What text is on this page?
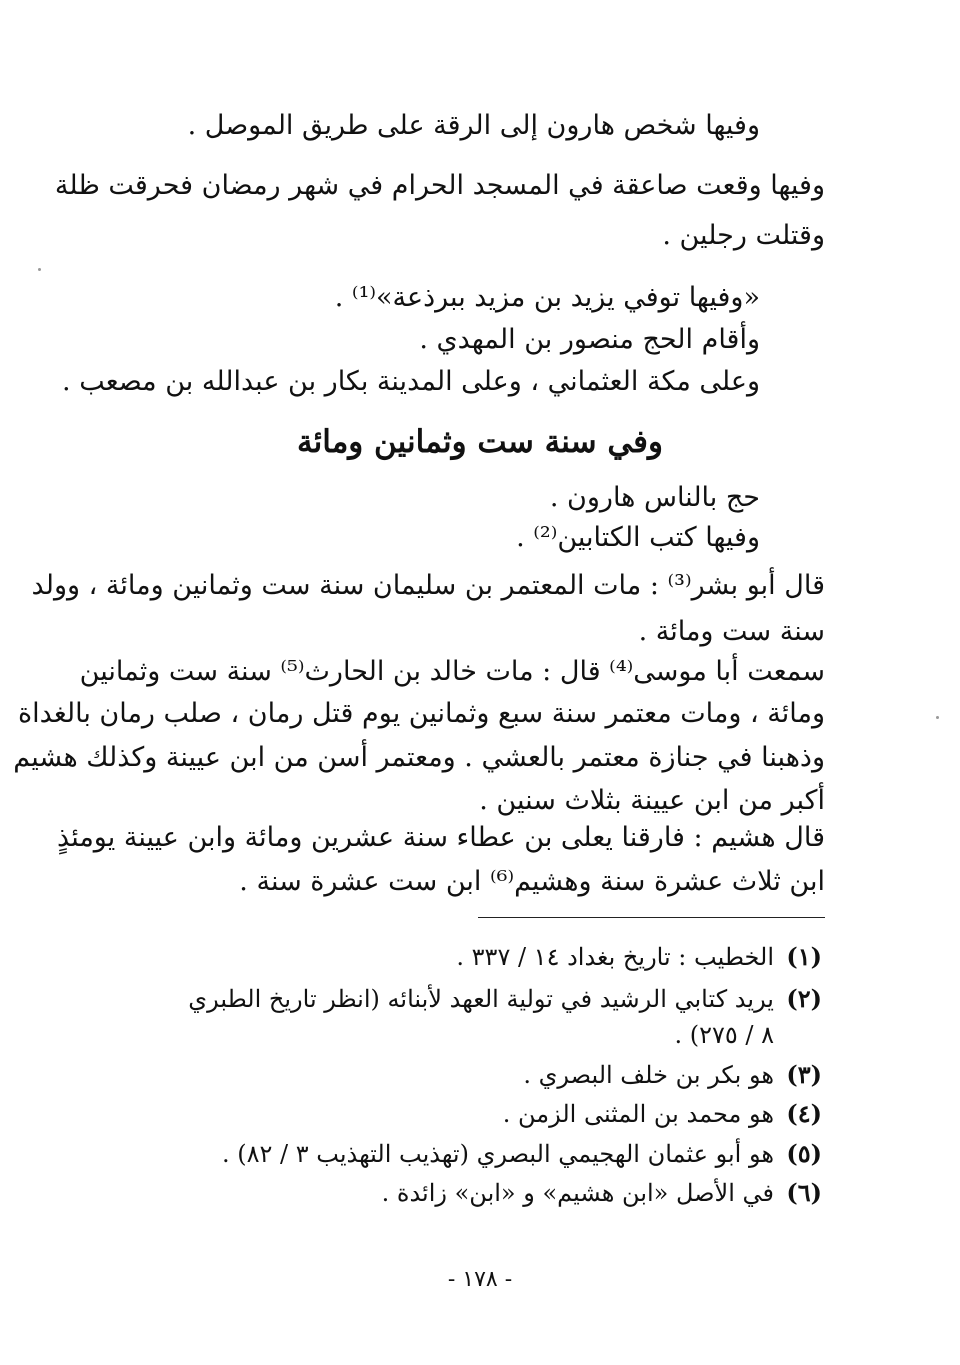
وفيها شخص هارون إلى الرقة على طريق الموصل .
وفيها وقعت صاعقة في المسجد الحرام في شهر رمضان فحرقت ظلة
وقتلت رجلين .
«وفيها توفي يزيد بن مزيد ببرذعة»⁽¹⁾ .
وأقام الحج منصور بن المهدي .
وعلى مكة العثماني ، وعلى المدينة بكار بن عبدالله بن مصعب .
وفي سنة ست وثمانين ومائة
حج بالناس هارون .
وفيها كتب الكتابين⁽²⁾ .
قال أبو بشر⁽³⁾ : مات المعتمر بن سليمان سنة ست وثمانين ومائة ، وولد
سنة ست ومائة .
سمعت أبا موسى⁽⁴⁾ قال : مات خالد بن الحارث⁽⁵⁾ سنة ست وثمانين
ومائة ، ومات معتمر سنة سبع وثمانين يوم قتل رمان ، صلب رمان بالغداة
وذهبنا في جنازة معتمر بالعشي . ومعتمر أسن من ابن عيينة وكذلك هشيم
أكبر من ابن عيينة بثلاث سنين .
قال هشيم : فارقنا يعلى بن عطاء سنة عشرين ومائة وابن عيينة يومئذٍ
ابن ثلاث عشرة سنة وهشيم⁽⁶⁾ ابن ست عشرة سنة .
(١)الخطيب : تاريخ بغداد ١٤ / ٣٣٧ .
(٢)يريد كتابي الرشيد في تولية العهد لأبنائه (انظر تاريخ الطبري
٨ / ٢٧٥) .
(٣)هو بكر بن خلف البصري .
(٤)هو محمد بن المثنى الزمن .
(٥)هو أبو عثمان الهجيمي البصري (تهذيب التهذيب ٣ / ٨٢) .
(٦)في الأصل «ابن هشيم» و «ابن» زائدة .
- ١٧٨ -
